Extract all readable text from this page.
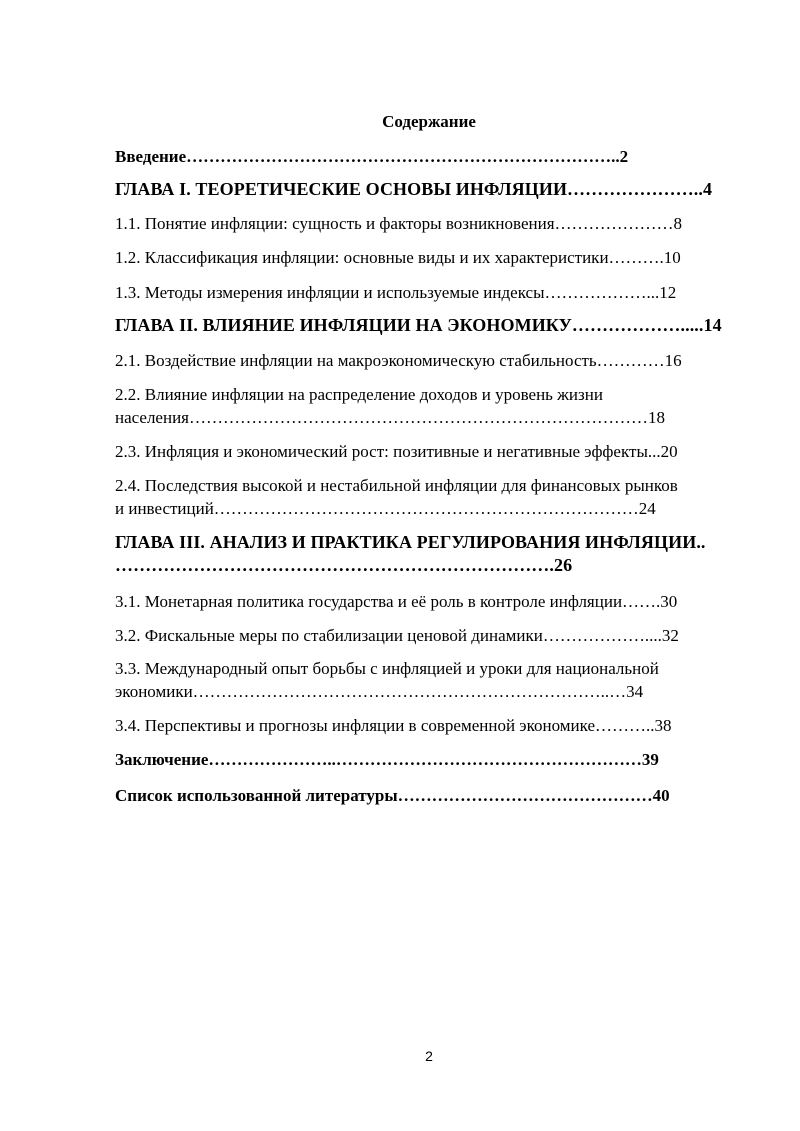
Содержание
Введение…………………………………………………………………..2
ГЛАВА I. ТЕОРЕТИЧЕСКИЕ ОСНОВЫ ИНФЛЯЦИИ…………………..4
1.1. Понятие инфляции: сущность и факторы возникновения…………………8
1.2. Классификация инфляции: основные виды и их характеристики……….10
1.3. Методы измерения инфляции и используемые индексы………………...12
ГЛАВА II. ВЛИЯНИЕ ИНФЛЯЦИИ НА ЭКОНОМИКУ……………….....14
2.1. Воздействие инфляции на макроэкономическую стабильность…………16
2.2. Влияние инфляции на распределение доходов и уровень жизни
населения………………………………………………………………………18
2.3. Инфляция и экономический рост: позитивные и негативные эффекты...20
2.4. Последствия высокой и нестабильной инфляции для финансовых рынков
и инвестиций…………………………………………………………………24
ГЛАВА III. АНАЛИЗ И ПРАКТИКА РЕГУЛИРОВАНИЯ ИНФЛЯЦИИ..
……………………………………………………………….26
3.1. Монетарная политика государства и её роль в контроле инфляции…….30
3.2. Фискальные меры по стабилизации ценовой динамики………………....32
3.3. Международный опыт борьбы с инфляцией и уроки для национальной
экономики………………………………………………………………..…34
3.4. Перспективы и прогнозы инфляции в современной экономике………..38
Заключение…………………..………………………………………………39
Список использованной литературы………………………………………40
2
